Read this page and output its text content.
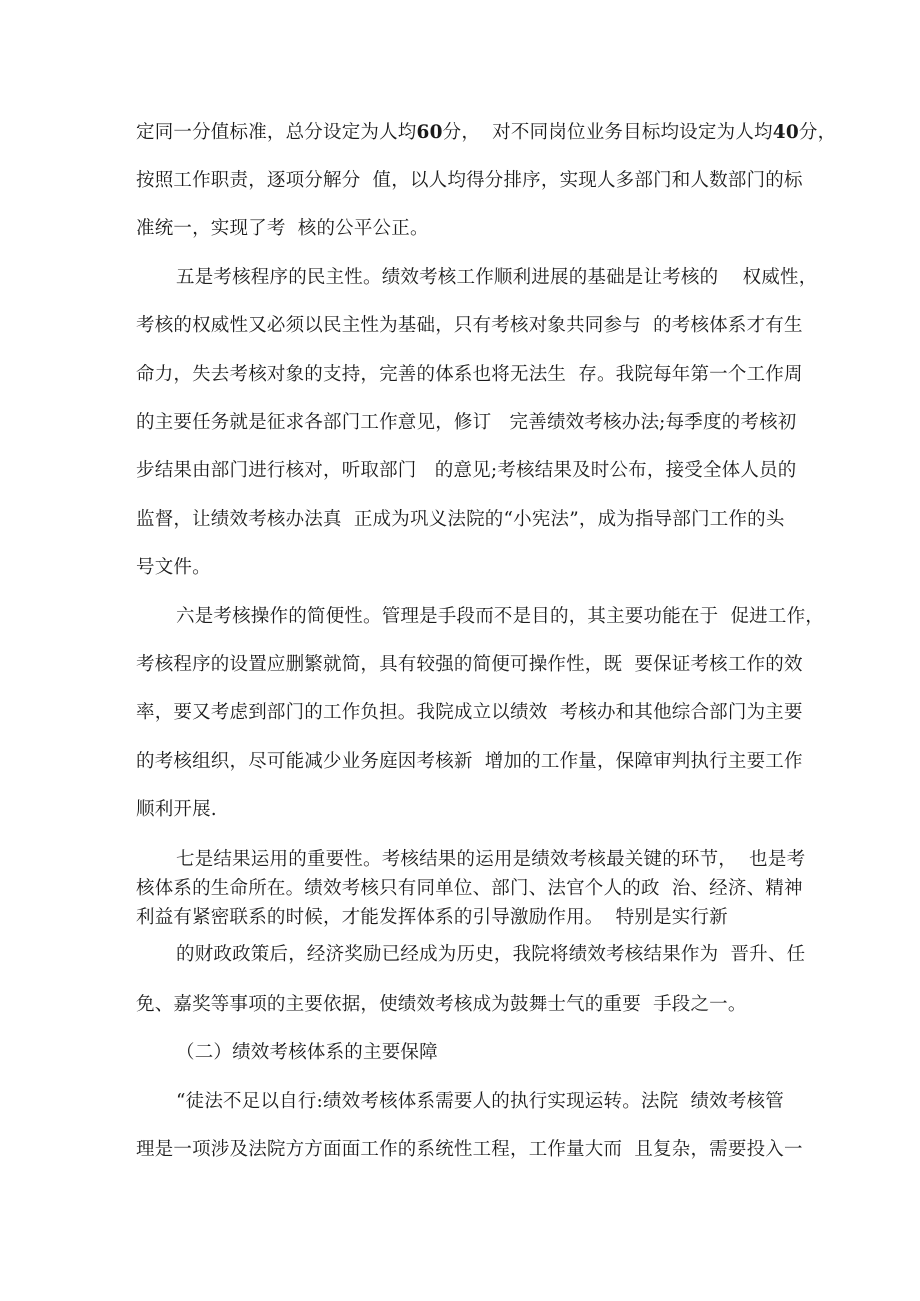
定同一分值标准，总分设定为人均60分，  对不同岗位业务目标均设定为人均40分，
按照工作职责，逐项分解分  值，以人均得分排序，实现人多部门和人数部门的标
准统一，实现了考  核的公平公正。
五是考核程序的民主性。绩效考核工作顺利进展的基础是让考核的    权威性，
考核的权威性又必须以民主性为基础，只有考核对象共同参与  的考核体系才有生
命力，失去考核对象的支持，完善的体系也将无法生  存。我院每年第一个工作周
的主要任务就是征求各部门工作意见，修订   完善绩效考核办法;每季度的考核初
步结果由部门进行核对，听取部门   的意见;考核结果及时公布，接受全体人员的
监督，让绩效考核办法真  正成为巩义法院的“小宪法”，成为指导部门工作的头
号文件。
六是考核操作的简便性。管理是手段而不是目的，其主要功能在于  促进工作，
考核程序的设置应删繁就简，具有较强的简便可操作性，既  要保证考核工作的效
率，要又考虑到部门的工作负担。我院成立以绩效  考核办和其他综合部门为主要
的考核组织，尽可能减少业务庭因考核新  增加的工作量，保障审判执行主要工作
顺利开展.
七是结果运用的重要性。考核结果的运用是绩效考核最关键的环节，  也是考
核体系的生命所在。绩效考核只有同单位、部门、法官个人的政  治、经济、精神
利益有紧密联系的时候，才能发挥体系的引导激励作用。  特别是实行新
的财政政策后，经济奖励已经成为历史，我院将绩效考核结果作为  晋升、任
免、嘉奖等事项的主要依据，使绩效考核成为鼓舞士气的重要  手段之一。
（二）绩效考核体系的主要保障
“徒法不足以自行:绩效考核体系需要人的执行实现运转。法院  绩效考核管
理是一项涉及法院方方面面工作的系统性工程，工作量大而  且复杂，需要投入一
